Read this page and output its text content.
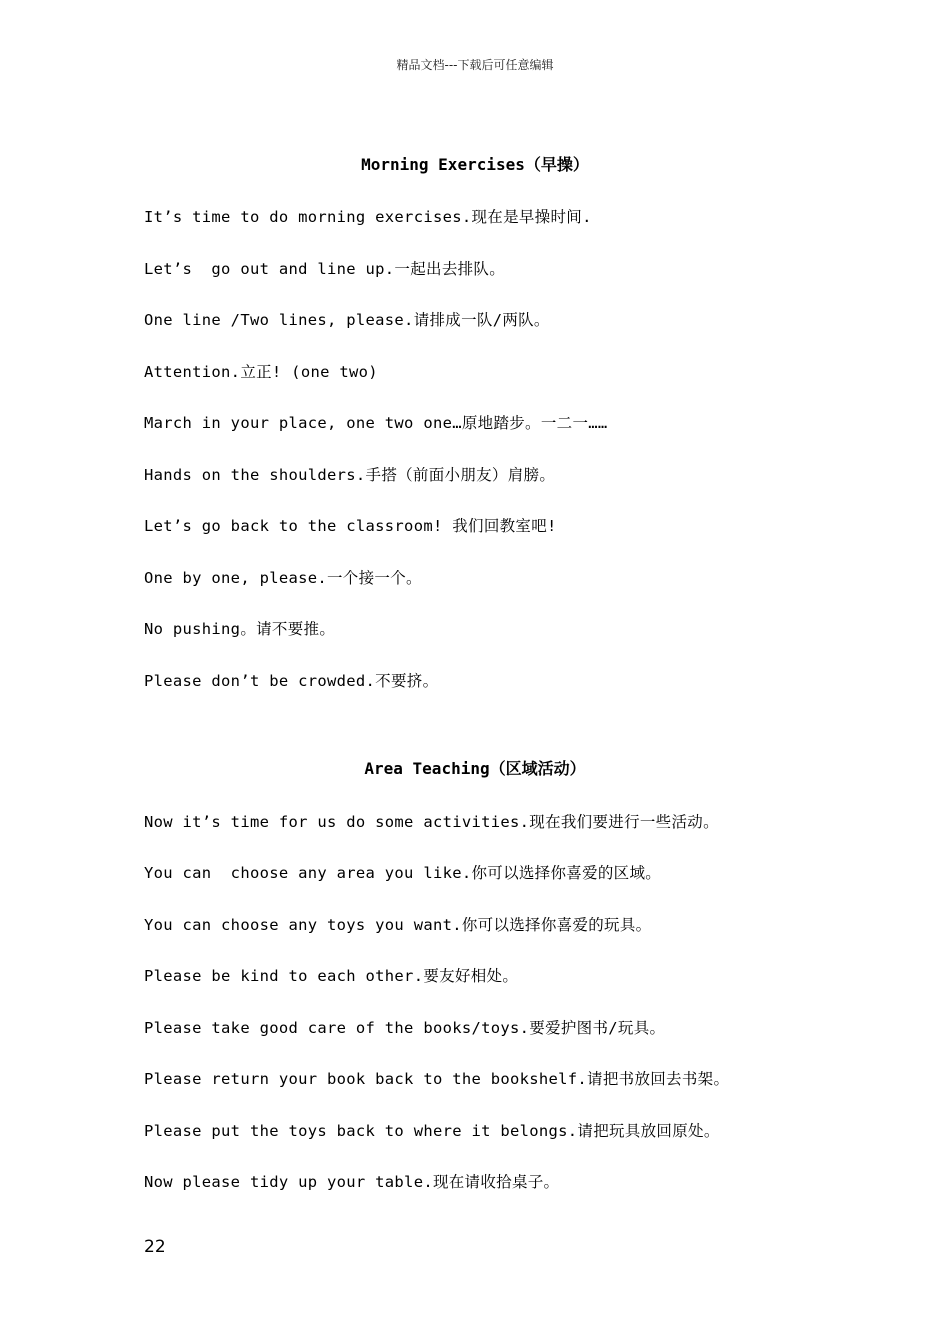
精品文档---下载后可任意编辑
Morning Exercises（早操）
It’s time to do morning exercises.现在是早操时间.
Let’s  go out and line up.一起出去排队。
One line /Two lines, please.请排成一队/两队。
Attention.立正! (one two)
March in your place, one two one…原地踏步。一二一……
Hands on the shoulders.手搭（前面小朋友）肩膀。
Let’s go back to the classroom! 我们回教室吧!
One by one, please.一个接一个。
No pushing。请不要推。
Please don’t be crowded.不要挤。
Area Teaching（区域活动）
Now it’s time for us do some activities.现在我们要进行一些活动。
You can  choose any area you like.你可以选择你喜爱的区域。
You can choose any toys you want.你可以选择你喜爱的玩具。
Please be kind to each other.要友好相处。
Please take good care of the books/toys.要爱护图书/玩具。
Please return your book back to the bookshelf.请把书放回去书架。
Please put the toys back to where it belongs.请把玩具放回原处。
Now please tidy up your table.现在请收拾桌子。
22
